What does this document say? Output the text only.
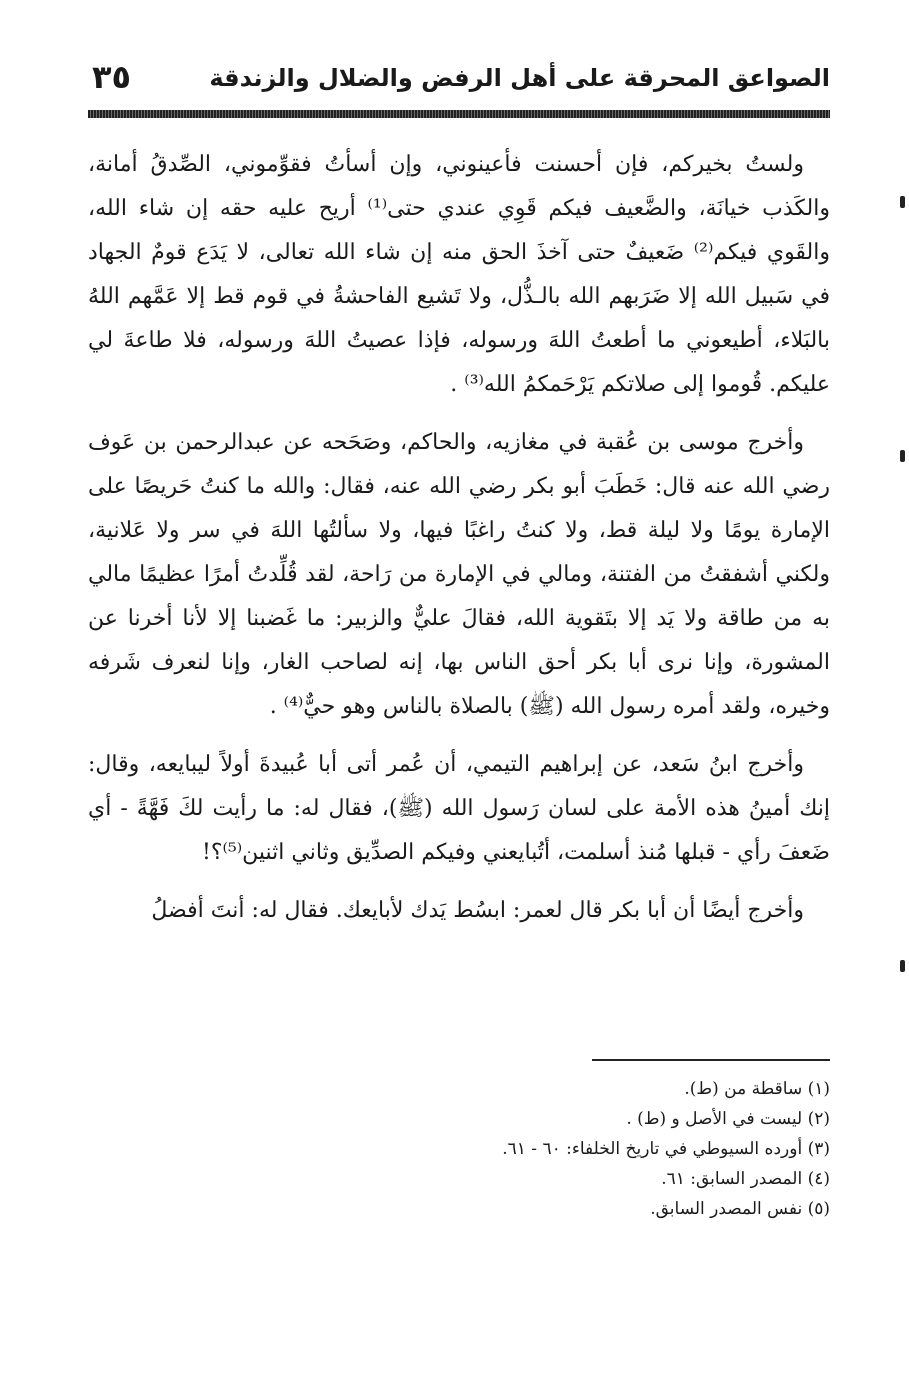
الصواعق المحرقة على أهل الرفض والضلال والزندقة
٣٥

ولستُ بخيركم، فإن أحسنت فأعينوني، وإن أسأتُ فقوِّموني، الصِّدقُ أمانة، والكَذب خيانَة، والضَّعيف فيكم قَوِي عندي حتى⁽¹⁾ أريح عليه حقه إن شاء الله، والقَوي فيكم⁽²⁾ ضَعيفٌ حتى آخذَ الحق منه إن شاء الله تعالى، لا يَدَع قومٌ الجهاد في سَبيل الله إلا ضَرَبهم الله بالـذُّل، ولا تَشيع الفاحشةُ في قوم قط إلا عَمَّهم اللهُ بالبَلاء، أطيعوني ما أطعتُ اللهَ ورسوله، فإذا عصيتُ اللهَ ورسوله، فلا طاعةَ لي عليكم. قُوموا إلى صلاتكم يَرْحَمكمُ الله⁽³⁾ .

وأخرج موسى بن عُقبة في مغازيه، والحاكم، وصَحَحه عن عبدالرحمن بن عَوف رضي الله عنه قال: خَطَبَ أبو بكر رضي الله عنه، فقال: والله ما كنتُ حَريصًا على الإمارة يومًا ولا ليلة قط، ولا كنتُ راغبًا فيها، ولا سألتُها اللهَ في سر ولا عَلانية، ولكني أشفقتُ من الفتنة، ومالي في الإمارة من رَاحة، لقد قُلِّدتُ أمرًا عظيمًا مالي به من طاقة ولا يَد إلا بتَقوية الله، فقالَ عليٌّ والزبير: ما غَضبنا إلا لأنا أخرنا عن المشورة، وإنا نرى أبا بكر أحق الناس بها، إنه لصاحب الغار، وإنا لنعرف شَرفه وخيره، ولقد أمره رسول الله (ﷺ) بالصلاة بالناس وهو حيٌّ⁽⁴⁾ .

وأخرج ابنُ سَعد، عن إبراهيم التيمي، أن عُمر أتى أبا عُبيدةَ أولاً ليبايعه، وقال: إنك أمينُ هذه الأمة على لسان رَسول الله (ﷺ)، فقال له: ما رأيت لكَ فَهَّةً - أي ضَعفَ رأي - قبلها مُنذ أسلمت، أتُبايعني وفيكم الصدِّيق وثاني اثنين⁽⁵⁾؟!

وأخرج أيضًا أن أبا بكر قال لعمر: ابسُط يَدك لأبايعك. فقال له: أنتَ أفضلُ

(١) ساقطة من (ط).

(٢) ليست في الأصل و (ط) .

(٣) أورده السيوطي في تاريخ الخلفاء: ٦٠ - ٦١.

(٤) المصدر السابق: ٦١.

(٥) نفس المصدر السابق.
